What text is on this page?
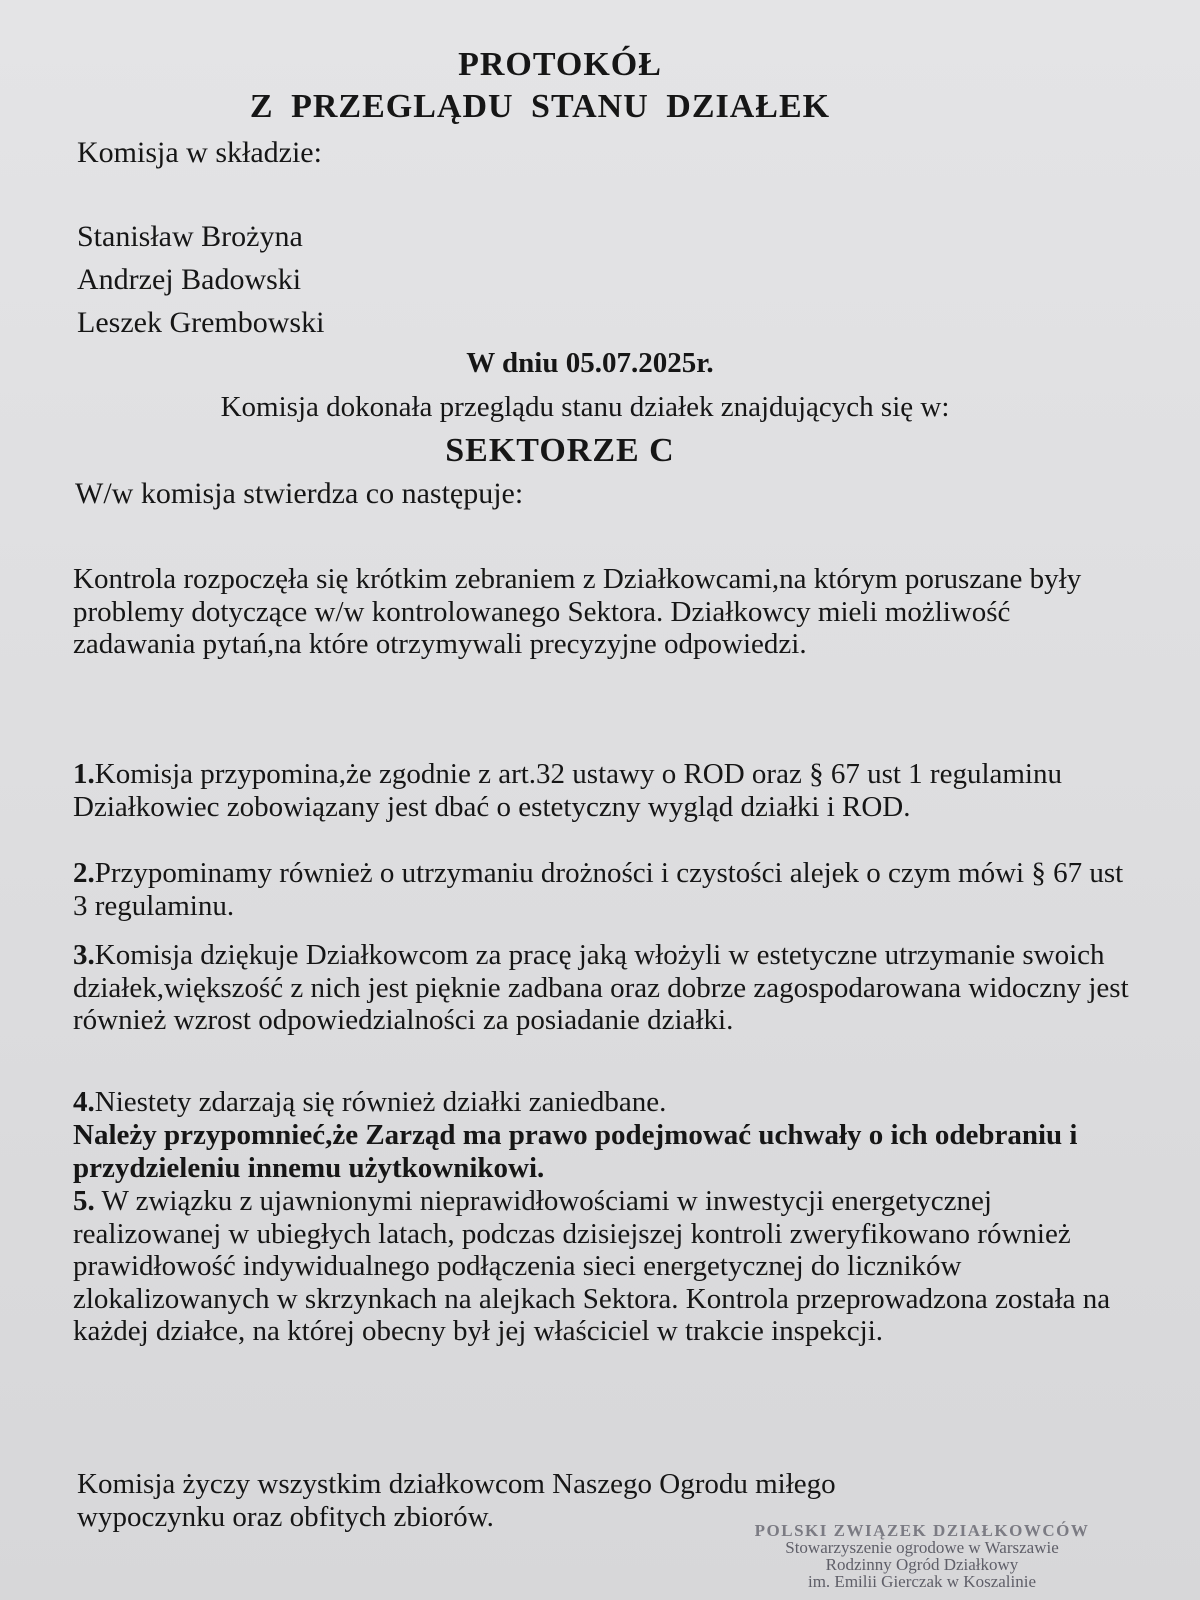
PROTOKÓŁ
Z PRZEGLĄDU STANU DZIAŁEK

Komisja w składzie:

Stanisław Brożyna

Andrzej Badowski

Leszek Grembowski

W dniu 05.07.2025r.

Komisja dokonała przeglądu stanu działek znajdujących się w:

SEKTORZE C

W/w komisja stwierdza co następuje:

Kontrola rozpoczęła się krótkim zebraniem z Działkowcami,na którym poruszane były problemy dotyczące w/w kontrolowanego Sektora. Działkowcy mieli możliwość zadawania pytań,na które otrzymywali precyzyjne odpowiedzi.

1.Komisja przypomina,że zgodnie z art.32 ustawy o ROD oraz § 67 ust 1 regulaminu Działkowiec zobowiązany jest dbać o estetyczny wygląd działki i ROD.

2.Przypominamy również o utrzymaniu drożności i czystości alejek o czym mówi § 67 ust 3 regulaminu.

3.Komisja dziękuje Działkowcom za pracę jaką włożyli w estetyczne utrzymanie swoich działek,większość z nich jest pięknie zadbana oraz dobrze zagospodarowana widoczny jest również wzrost odpowiedzialności za posiadanie działki.

4.Niestety zdarzają się również działki zaniedbane.

Należy przypomnieć,że Zarząd ma prawo podejmować uchwały o ich odebraniu i przydzieleniu innemu użytkownikowi.

5. W związku z ujawnionymi nieprawidłowościami w inwestycji energetycznej realizowanej w ubiegłych latach, podczas dzisiejszej kontroli zweryfikowano również prawidłowość indywidualnego podłączenia sieci energetycznej do liczników zlokalizowanych w skrzynkach na alejkach Sektora. Kontrola przeprowadzona została na każdej działce, na której obecny był jej właściciel w trakcie inspekcji.

Komisja życzy wszystkim działkowcom Naszego Ogrodu miłego wypoczynku oraz obfitych zbiorów.	POLSKI ZWIĄZEK DZIAŁKOWCÓW
Stowarzyszenie ogrodowe w Warszawie
Rodzinny Ogród Działkowy
im. Emilii Gierczak w Koszalinie
